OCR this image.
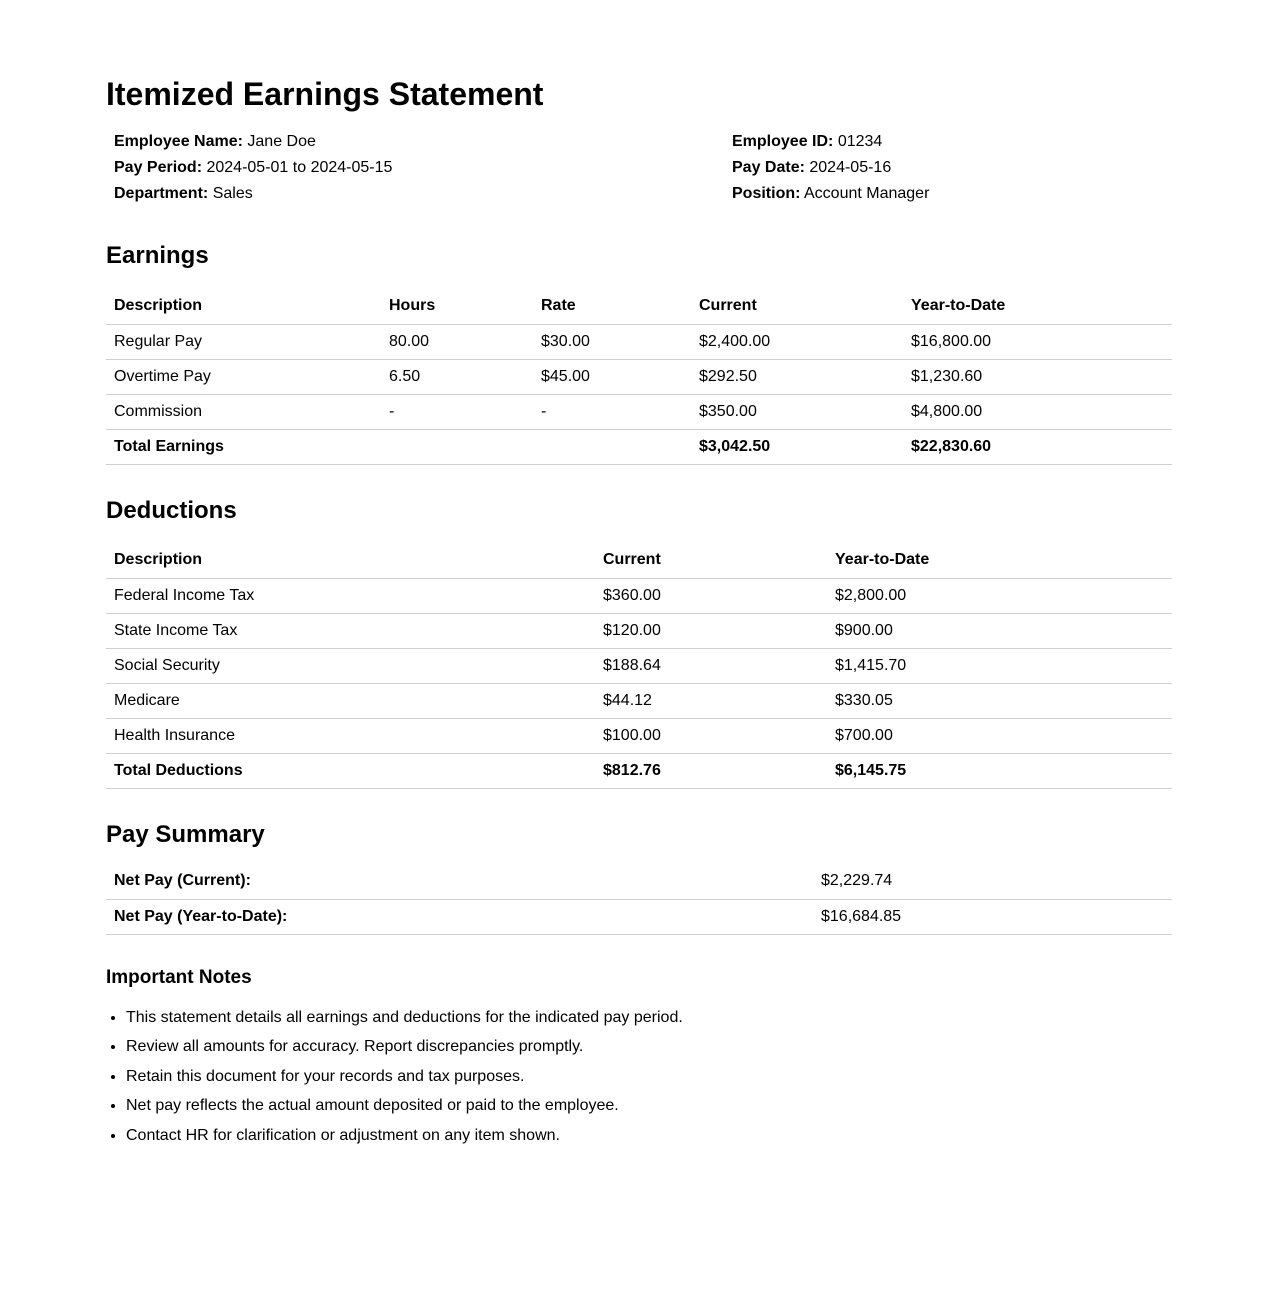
Itemized Earnings Statement
Employee Name: Jane Doe
Pay Period: 2024-05-01 to 2024-05-15
Department: Sales
Employee ID: 01234
Pay Date: 2024-05-16
Position: Account Manager
Earnings
Description	Hours	Rate	Current	Year-to-Date
Regular Pay	80.00	$30.00	$2,400.00	$16,800.00
Overtime Pay	6.50	$45.00	$292.50	$1,230.60
Commission	-	-	$350.00	$4,800.00
Total Earnings			$3,042.50	$22,830.60
Deductions
Description	Current	Year-to-Date
Federal Income Tax	$360.00	$2,800.00
State Income Tax	$120.00	$900.00
Social Security	$188.64	$1,415.70
Medicare	$44.12	$330.05
Health Insurance	$100.00	$700.00
Total Deductions	$812.76	$6,145.75
Pay Summary
Net Pay (Current):	$2,229.74
Net Pay (Year-to-Date):	$16,684.85
Important Notes
• This statement details all earnings and deductions for the indicated pay period.
• Review all amounts for accuracy. Report discrepancies promptly.
• Retain this document for your records and tax purposes.
• Net pay reflects the actual amount deposited or paid to the employee.
• Contact HR for clarification or adjustment on any item shown.
